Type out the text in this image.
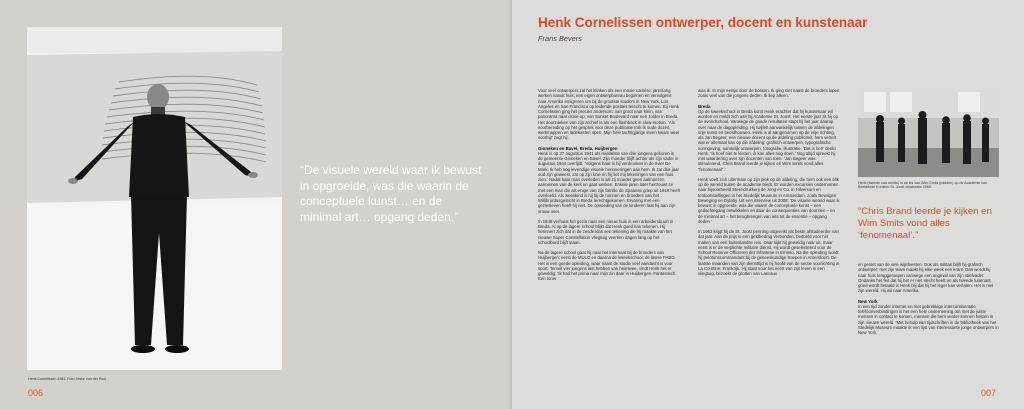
Henk Cornelissen 1981. Foto Jeske van der Pool
“De visuele wereld waar ik bewust in opgroeide, was die waarin de conceptuele kunst… en de minimal art… opgang deden.”
006
Henk Cornelissen ontwerper, docent en kunstenaar
Frans Bevers

Voor veel ontwerpers zal het klinken als een mooie carrière: jarenlang werken vanuit huis, een eigen ontwerpbureau beginnen en vervolgens naar Amerika emigreren om bij de grootste studio’s in New York, Los Angeles en San Francisco op leidende posities terecht te komen. Bij Henk Cornelissen ging het precies andersom: van groot naar klein, van panorama naar close-up, van Sunset Boulevard naar een zolder in Breda. Het doorzoeken van zijn archief is als een flashback in slow-motion. ‘Als voorbereiding op het gesprek voor deze publicatie trok ik oude dozen, werkmappen en ladekasten open. Mijn hele tachtigjarige leven kwam weer voorbij!’ zegt hij.

Ginneken en Bavel, Breda, Huijbergen

Henk is op 27 augustus 1941 als middelste van drie jongens geboren in de gemeente Ginneken en Bavel. Zijn moeder blijft achter als zijn vader in augustus 1944 overlijdt. ‘Volgens haar is hij verdronken in de rivier De Mark. Ik heb nog levendige visuele herinneringen aan hem. Ik zat drie jaar oud zijn geweest, zat op zijn knie en hij liet mij tekeningen van een huis zien.’ Nadat haar man overleden is wil zij moeder geen aalmoezen aannemen van de kerk en gaat werken. Enkele jaren later hertrouwt ze met een man die als enige van zijn familie de Spaanse griep uit 1918 heeft overleefd. Als weeskind is hij bij de nonnen en broeders van het Willibrordusgesticht in Breda terechtgekomen. Ervaring met een gezinsleven heeft hij niet. De opvoeding van de kinderen laat hij aan zijn vrouw over.

In 1948 verhuist het gezin naar een nieuw huis in een arbeidersbuurt in Breda. Al op de lagere school blijkt dat Henk goed kan tekenen. Hij herinnert zich dat in de zesde klas een tekening die hij maakte van het nieuwe Super Constellation vliegtuig veertien dagen lang op het schoolbord blijft staan.

Na de lagere school gaat hij naar het internaat bij de broeders van Huijbergen; eerst de MULO en daarna de kweekschool, de latere PABO. Het is een goede opleiding, waar naast de studie veel aandacht is voor sport. Tervell vier jongens last hebben van heimwee, vindt Henk het er geweldig. ‘Ik had het prima naar mijn zin daar in Huijbergen. Fantastisch. Een toner

was ik. In mijn eentje door de bossen. Ik ging niet naast de broeders lopen zoals veel van die jongens deden. Ik liep alleen.’

Breda

Op de kweekschool in Breda komt Henk erachter dat hij kunstenaar wil worden en meldt zich aan bij Academie St. Joost. Het eerste jaar zit hij op de avondschool. Vanwege de goede resultaten stapt hij het jaar daarop over naar de dagopleiding. Hij twijfelt aanvankelijk tussen de afdelingen vrije kunst en beeldhouwen. Henk is al aangenomen op de vrije richting, als Jan Begeer, een nieuwe docent op de afdeling publiciteit, hem vertelt wat er allemaal kan op die afdeling: grafisch ontwerpen, typografische vormgeving, ruimtelijk ontwerpen, fotografie, illustratie. ‘Dat is het!’ denkt Henk. ‘Ik hoef niet te kiezen, ik kan alles nog doen.’ Nog altijd spreekt hij met waardering over zijn docenten van toen. ‘Jan Begeer was stimulerend, Chris Brand leerde je kijken en Wim Smits vond alles “fenomenaal”.’

Henk voelt zich uitermate op zijn plek op de afdeling, die hem ook een blik op de wereld buiten de academie biedt. Er worden excursies ondernomen naar bijvoorbeeld Steendrukkerij de Jong en Co. in Hilversum en tentoonstellingen in het Stedelijk Museum in Amsterdam, zoals Bewogen Beweging en Dylaby. Uit een interview uit 2008: ‘De visuele wereld waar ik bewust in opgroeide, was die waarin de conceptuele kunst – een gedachtegang ontwikkelen en daar de consequenties van doorzien – en de minimal art – het terugbrengen van iets tot de essentie – opgang deden.’

In 1963 krijgt hij de St. Joost penning uitgereikt als beste afstudeerder van dat jaar. Aan de prijs is een geldbedrag verbonden, bedoeld voor het maken van een buitenlandse reis. Daar kijkt hij geweldig naar uit, maar eerst is er de verplichte militaire dienst. Hij wordt geselecteerd voor de School Reserve Officieren der Infanterie in Ermelo. Na die opleiding wordt hij pelotonscommandant bij de geneeskundige troepen in Amersfoort. De laatste maanden van zijn diensttijd is hij hoofd van de sectie voorlichting in La Courtine, Frankrijk. Hij staat voor het eerst van zijn leven in een vliegtuig, bezoekt de grotten van Lascaux

Henk (tweede van rechts) in de les van Wim Smits (midden) op de Academie van Beeldende Kunsten St. Joost omstreeks 1960.
“Chris Brand leerde je kijken en Wim Smits vond alles ‘fenomenaal’.”

en geniet van de vele wijnfeesten. Ook als militair blijft hij grafisch ontwerper: met zijn team maakt hij elke week een krant. Dan wordt hij naar huis teruggeroepen vanwege een ongeval van zijn stiefvader. Ondanks het feit dat hij het er niet slecht heeft en als tweede luitenant goed wordt betaald is Henk blij dat hij het leger kan verlaten. Het is niet zijn wereld. Hij wil naar Amerika.

New York

In een tijd zonder internet en met gebrekkige intercontinentale telefoonverbindingen is het een hele onderneming om met de juiste mensen in contact te komen, mensen die hem verder kunnen helpen in zijn nieuwe wereld. ‘Met behulp van tijdschriften in de bibliotheek van het Stedelijk Museum maakte ik een lijst van interessante jonge ontwerpers in New York.

007
